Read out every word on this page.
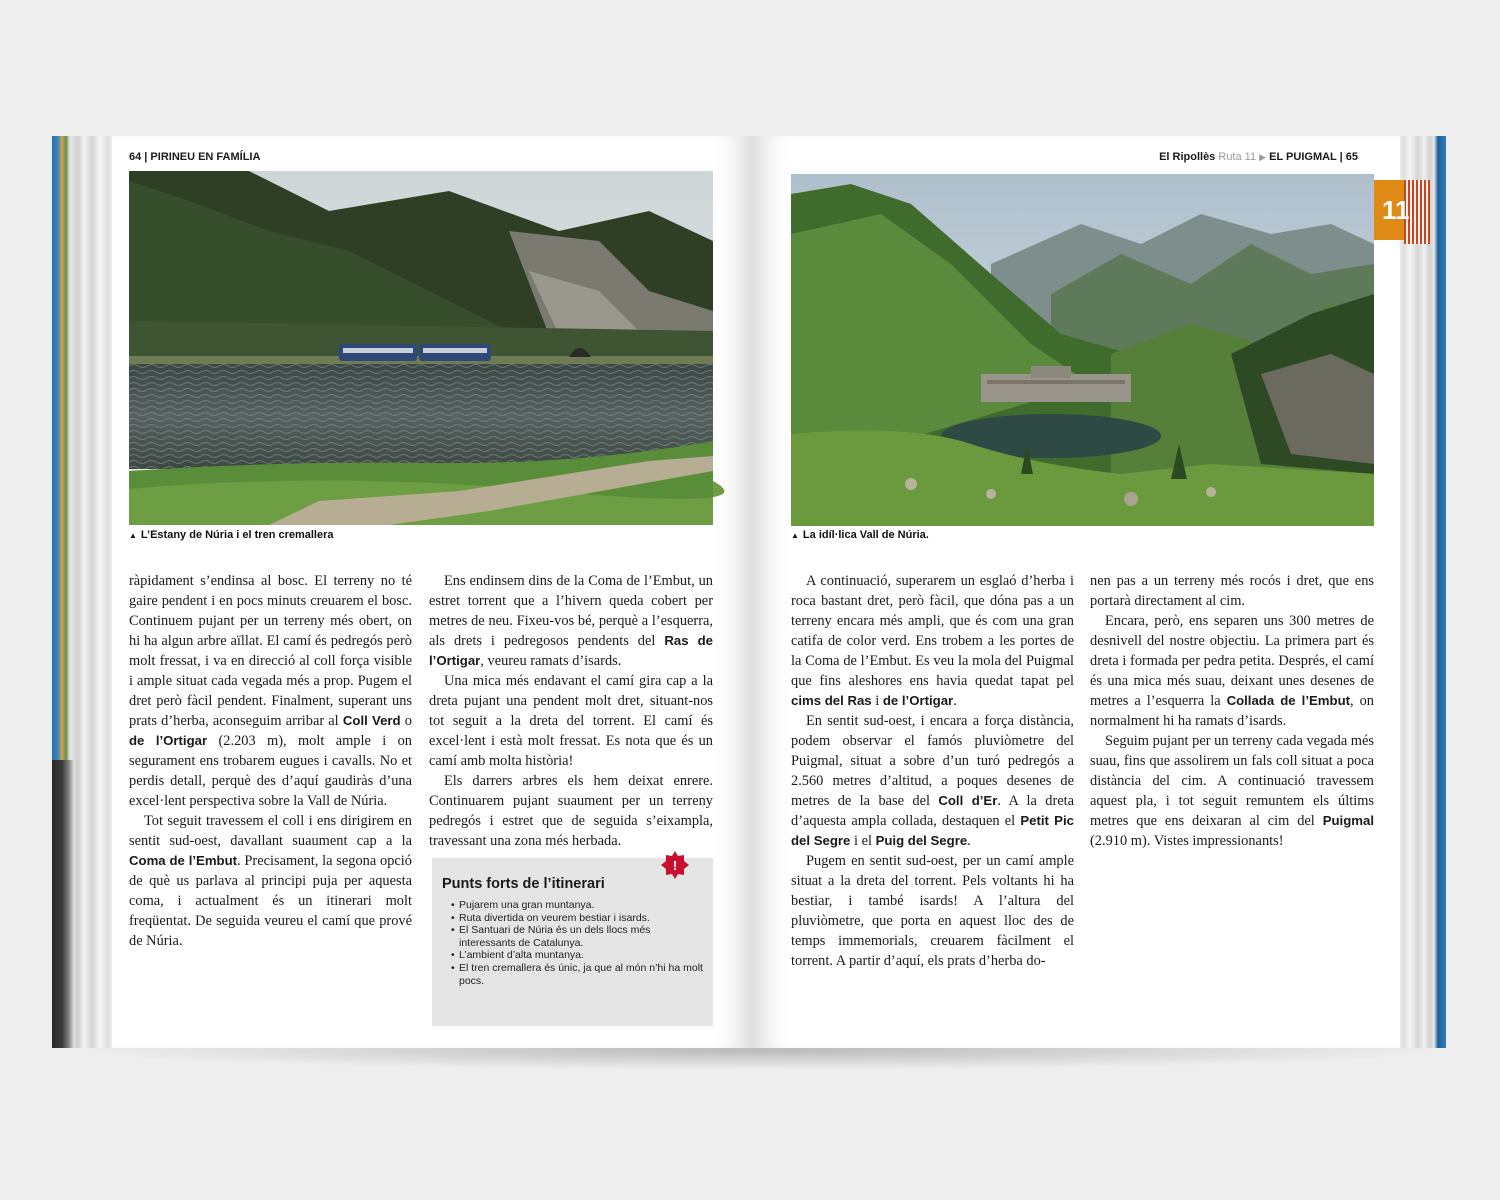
64 | PIRINEU EN FAMÍLIA	El Ripollès Ruta 11 ▶ EL PUIGMAL | 65
11
▲ L’Estany de Núria i el tren cremallera	▲ La idíl·lica Vall de Núria.

ràpidament s’endinsa al bosc. El terreny no té gaire pendent i en pocs minuts creuarem el bosc. Continuem pujant per un terreny més obert, on hi ha algun arbre aïllat. El camí és pedregós però molt fressat, i va en direcció al coll força visible i ample situat cada vegada més a prop. Pugem el dret però fàcil pendent. Finalment, superant uns prats d’herba, aconseguim arribar al Coll Verd o de l’Ortigar (2.203 m), molt ample i on segurament ens trobarem eugues i cavalls. No et perdis detall, perquè des d’aquí gaudiràs d’una excel·lent perspectiva sobre la Vall de Núria.

Tot seguit travessem el coll i ens dirigirem en sentit sud-oest, davallant suaument cap a la Coma de l’Embut. Precisament, la segona opció de què us parlava al principi puja per aquesta coma, i actualment és un itinerari molt freqüentat. De seguida veureu el camí que prové de Núria.

Ens endinsem dins de la Coma de l’Embut, un estret torrent que a l’hivern queda cobert per metres de neu. Fixeu-vos bé, perquè a l’esquerra, als drets i pedregosos pendents del Ras de l’Ortigar, veureu ramats d’isards.

Una mica més endavant el camí gira cap a la dreta pujant una pendent molt dret, situant-nos tot seguit a la dreta del torrent. El camí és excel·lent i està molt fressat. Es nota que és un camí amb molta història!

Els darrers arbres els hem deixat enrere. Continuarem pujant suaument per un terreny pedregós i estret que de seguida s’eixampla, travessant una zona més herbada.

Punts forts de l’itinerari
• Pujarem una gran muntanya.
• Ruta divertida on veurem bestiar i isards.
• El Santuari de Núria és un dels llocs més interessants de Catalunya.
• L’ambient d’alta muntanya.
• El tren cremallera és únic, ja que al món n’hi ha molt pocs.
!

A continuació, superarem un esglaó d’herba i roca bastant dret, però fàcil, que dóna pas a un terreny encara més ampli, que és com una gran catifa de color verd. Ens trobem a les portes de la Coma de l’Embut. Es veu la mola del Puigmal que fins aleshores ens havia quedat tapat pel cims del Ras i de l’Ortigar.

En sentit sud-oest, i encara a força distància, podem observar el famós pluviòmetre del Puigmal, situat a sobre d’un turó pedregós a 2.560 metres d’altitud, a poques desenes de metres de la base del Coll d’Er. A la dreta d’aquesta ampla collada, destaquen el Petit Pic del Segre i el Puig del Segre.

Pugem en sentit sud-oest, per un camí ample situat a la dreta del torrent. Pels voltants hi ha bestiar, i també isards! A l’altura del pluviòmetre, que porta en aquest lloc des de temps immemorials, creuarem fàcilment el torrent. A partir d’aquí, els prats d’herba do-

nen pas a un terreny més rocós i dret, que ens portarà directament al cim.

Encara, però, ens separen uns 300 metres de desnivell del nostre objectiu. La primera part és dreta i formada per pedra petita. Després, el camí és una mica més suau, deixant unes desenes de metres a l’esquerra la Collada de l’Embut, on normalment hi ha ramats d’isards.

Seguim pujant per un terreny cada vegada més suau, fins que assolirem un fals coll situat a poca distància del cim. A continuació travessem aquest pla, i tot seguit remuntem els últims metres que ens deixaran al cim del Puigmal (2.910 m). Vistes impressionants!
